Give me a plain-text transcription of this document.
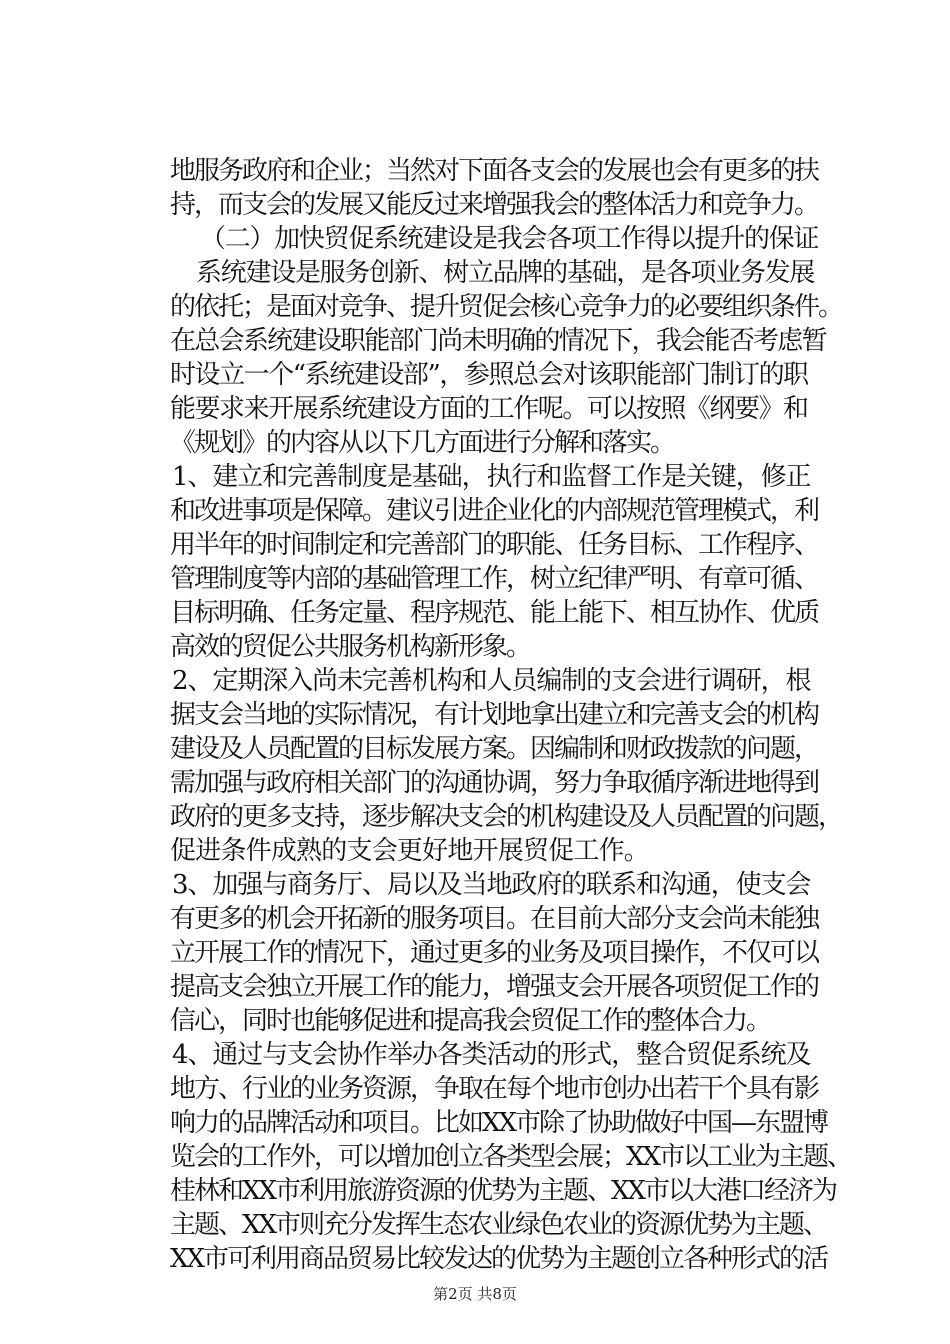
地服务政府和企业；当然对下面各支会的发展也会有更多的扶
持，而支会的发展又能反过来增强我会的整体活力和竞争力。
（二）加快贸促系统建设是我会各项工作得以提升的保证
系统建设是服务创新、树立品牌的基础，是各项业务发展
的依托；是面对竞争、提升贸促会核心竞争力的必要组织条件。
在总会系统建设职能部门尚未明确的情况下，我会能否考虑暂
时设立一个“系统建设部”，参照总会对该职能部门制订的职
能要求来开展系统建设方面的工作呢。可以按照《纲要》和
《规划》的内容从以下几方面进行分解和落实。
1、建立和完善制度是基础，执行和监督工作是关键，修正
和改进事项是保障。建议引进企业化的内部规范管理模式，利
用半年的时间制定和完善部门的职能、任务目标、工作程序、
管理制度等内部的基础管理工作，树立纪律严明、有章可循、
目标明确、任务定量、程序规范、能上能下、相互协作、优质
高效的贸促公共服务机构新形象。
2、定期深入尚未完善机构和人员编制的支会进行调研，根
据支会当地的实际情况，有计划地拿出建立和完善支会的机构
建设及人员配置的目标发展方案。因编制和财政拨款的问题，
需加强与政府相关部门的沟通协调，努力争取循序渐进地得到
政府的更多支持，逐步解决支会的机构建设及人员配置的问题，
促进条件成熟的支会更好地开展贸促工作。
3、加强与商务厅、局以及当地政府的联系和沟通，使支会
有更多的机会开拓新的服务项目。在目前大部分支会尚未能独
立开展工作的情况下，通过更多的业务及项目操作，不仅可以
提高支会独立开展工作的能力，增强支会开展各项贸促工作的
信心，同时也能够促进和提高我会贸促工作的整体合力。
4、通过与支会协作举办各类活动的形式，整合贸促系统及
地方、行业的业务资源，争取在每个地市创办出若干个具有影
响力的品牌活动和项目。比如XX市除了协助做好中国—东盟博
览会的工作外，可以增加创立各类型会展；XX市以工业为主题、
桂林和XX市利用旅游资源的优势为主题、XX市以大港口经济为
主题、XX市则充分发挥生态农业绿色农业的资源优势为主题、
XX市可利用商品贸易比较发达的优势为主题创立各种形式的活
第2页 共8页
